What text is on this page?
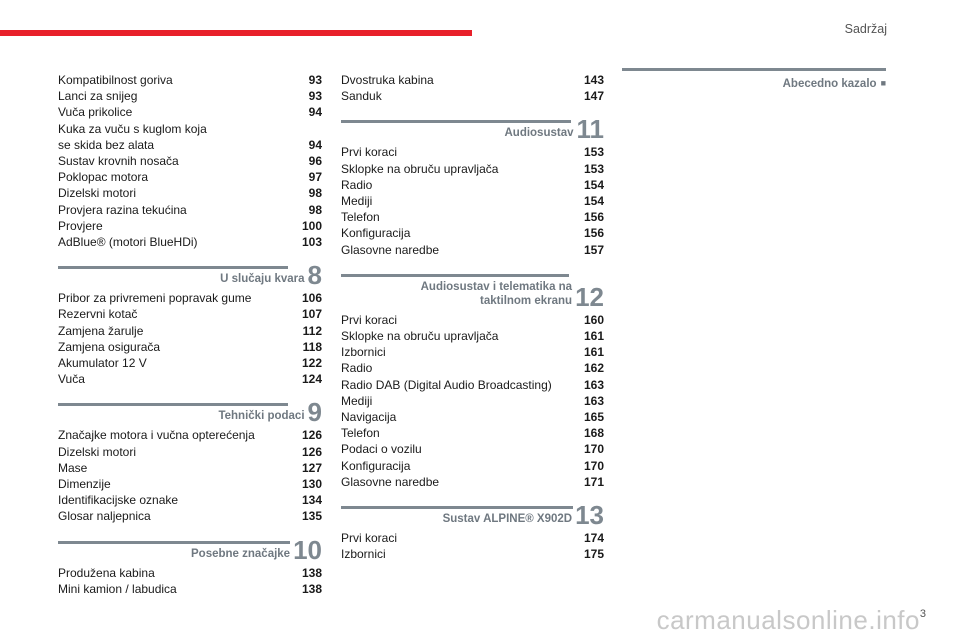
Sadržaj
Kompatibilnost goriva	93
Lanci za snijeg	93
Vuča prikolice	94
Kuka za vuču s kuglom koja
se skida bez alata	94
Sustav krovnih nosača	96
Poklopac motora	97
Dizelski motori	98
Provjera razina tekućina	98
Provjere	100
AdBlue® (motori BlueHDi)	103
U slučaju kvara 8
Pribor za privremeni popravak gume	106
Rezervni kotač	107
Zamjena žarulje	112
Zamjena osigurača	118
Akumulator 12 V	122
Vuča	124
Tehnički podaci 9
Značajke motora i vučna opterećenja	126
Dizelski motori	126
Mase	127
Dimenzije	130
Identifikacijske oznake	134
Glosar naljepnica	135
Posebne značajke 10
Produžena kabina	138
Mini kamion / labudica	138
Dvostruka kabina	143
Sanduk	147
Audiosustav 11
Prvi koraci	153
Sklopke na obruču upravljača	153
Radio	154
Mediji	154
Telefon	156
Konfiguracija	156
Glasovne naredbe	157
Audiosustav i telematika na
taktilnom ekranu 12
Prvi koraci	160
Sklopke na obruču upravljača	161
Izbornici	161
Radio	162
Radio DAB (Digital Audio Broadcasting)	163
Mediji	163
Navigacija	165
Telefon	168
Podaci o vozilu	170
Konfiguracija	170
Glasovne naredbe	171
Sustav ALPINE® X902D 13
Prvi koraci	174
Izbornici	175
Abecedno kazalo ■
3
carmanualsonline.info
